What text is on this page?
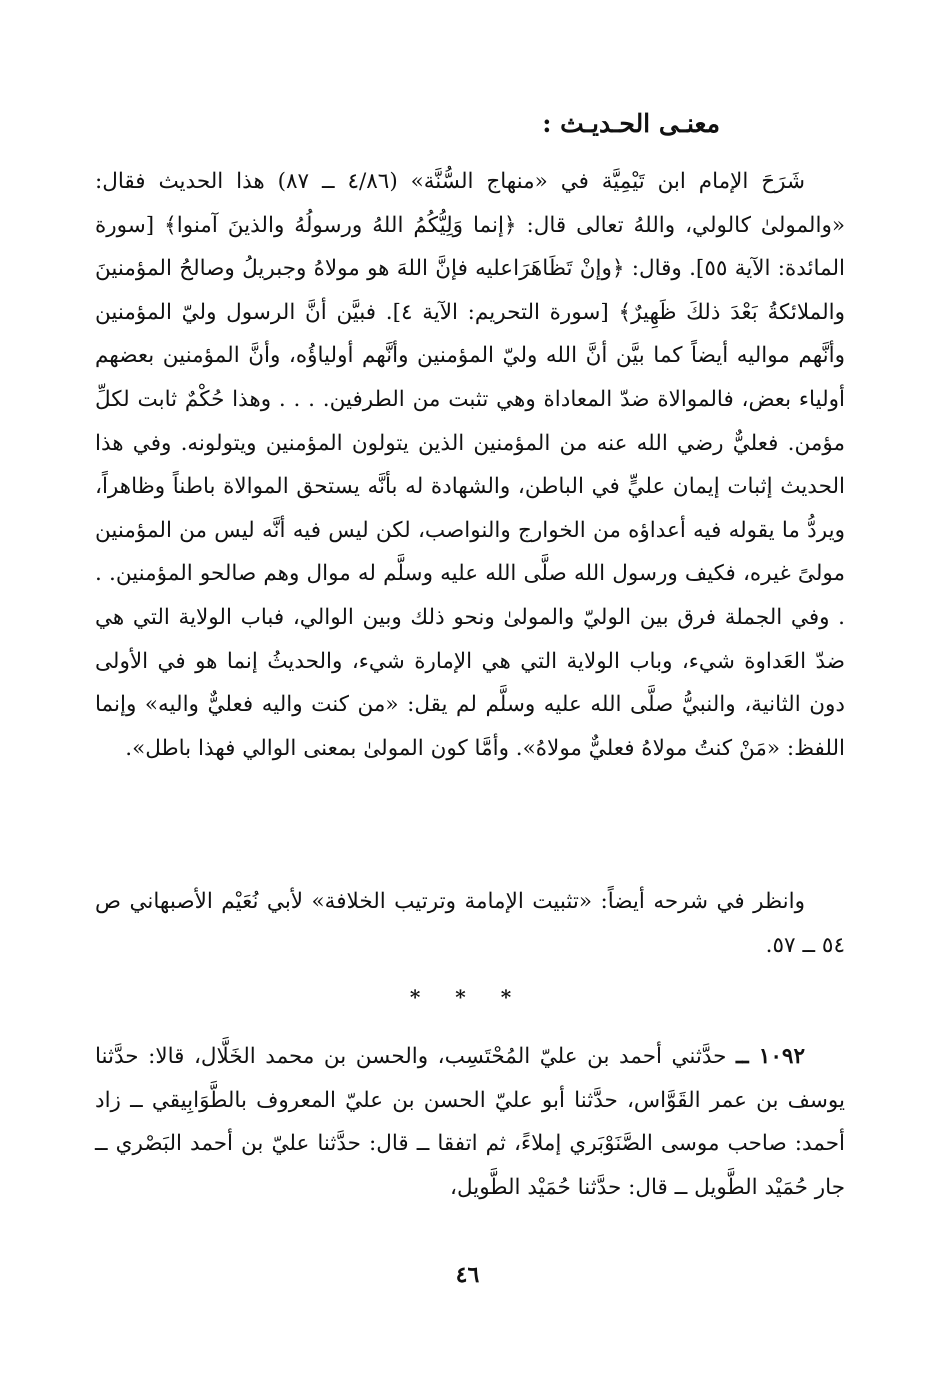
معنـى الحـديـث :

شَرَحَ الإمام ابن تَيْمِيَّة في «منهاج السُّنَّة» (٤/٨٦ ــ ٨٧) هذا الحديث فقال: «والمولىٰ كالولي، واللهُ تعالى قال: ﴿إنما وَلِيُّكُمُ اللهُ ورسولُهُ والذينَ آمنوا﴾ [سورة المائدة: الآية ٥٥]. وقال: ﴿وإنْ تَظَاهَرَاعليه فإنَّ اللهَ هو مولاهُ وجبريلُ وصالحُ المؤمنينَ والملائكةُ بَعْدَ ذلكَ ظَهِيرٌ﴾ [سورة التحريم: الآية ٤]. فبيَّن أنَّ الرسول وليّ المؤمنين وأنَّهم مواليه أيضاً كما بيَّن أنَّ الله وليّ المؤمنين وأنَّهم أولياؤُه، وأنَّ المؤمنين بعضهم أولياء بعض، فالموالاة ضدّ المعاداة وهي تثبت من الطرفين. . . . وهذا حُكْمٌ ثابت لكلِّ مؤمن. فعليٌّ رضي الله عنه من المؤمنين الذين يتولون المؤمنين ويتولونه. وفي هذا الحديث إثبات إيمان عليٍّ في الباطن، والشهادة له بأنَّه يستحق الموالاة باطناً وظاهراً، ويردُّ ما يقوله فيه أعداؤه من الخوارج والنواصب، لكن ليس فيه أنَّه ليس من المؤمنين مولىً غيره، فكيف ورسول الله صلَّى الله عليه وسلَّم له موال وهم صالحو المؤمنين. . . وفي الجملة فرق بين الوليّ والمولىٰ ونحو ذلك وبين الوالي، فباب الولاية التي هي ضدّ العَداوة شيء، وباب الولاية التي هي الإمارة شيء، والحديثُ إنما هو في الأولى دون الثانية، والنبيُّ صلَّى الله عليه وسلَّم لم يقل: «من كنت واليه فعليٌّ واليه» وإنما اللفظ: «مَنْ كنتُ مولاهُ فعليٌّ مولاهُ». وأمَّا كون المولىٰ بمعنى الوالي فهذا باطل».

وانظر في شرحه أيضاً: «تثبيت الإمامة وترتيب الخلافة» لأبي نُعَيْم الأصبهاني ص ٥٤ ــ ٥٧.

* * *

١٠٩٢ ــ حدَّثني أحمد بن عليّ المُحْتَسِب، والحسن بن محمد الخَلَّال، قالا: حدَّثنا يوسف بن عمر القَوَّاس، حدَّثنا أبو عليّ الحسن بن عليّ المعروف بالطَّوَابِيقي ــ زاد أحمد: صاحب موسى الصَّنَوْبَري إملاءً، ثم اتفقا ــ قال: حدَّثنا عليّ بن أحمد البَصْري ــ جار حُمَيْد الطَّويل ــ قال: حدَّثنا حُمَيْد الطَّويل،

٤٦
